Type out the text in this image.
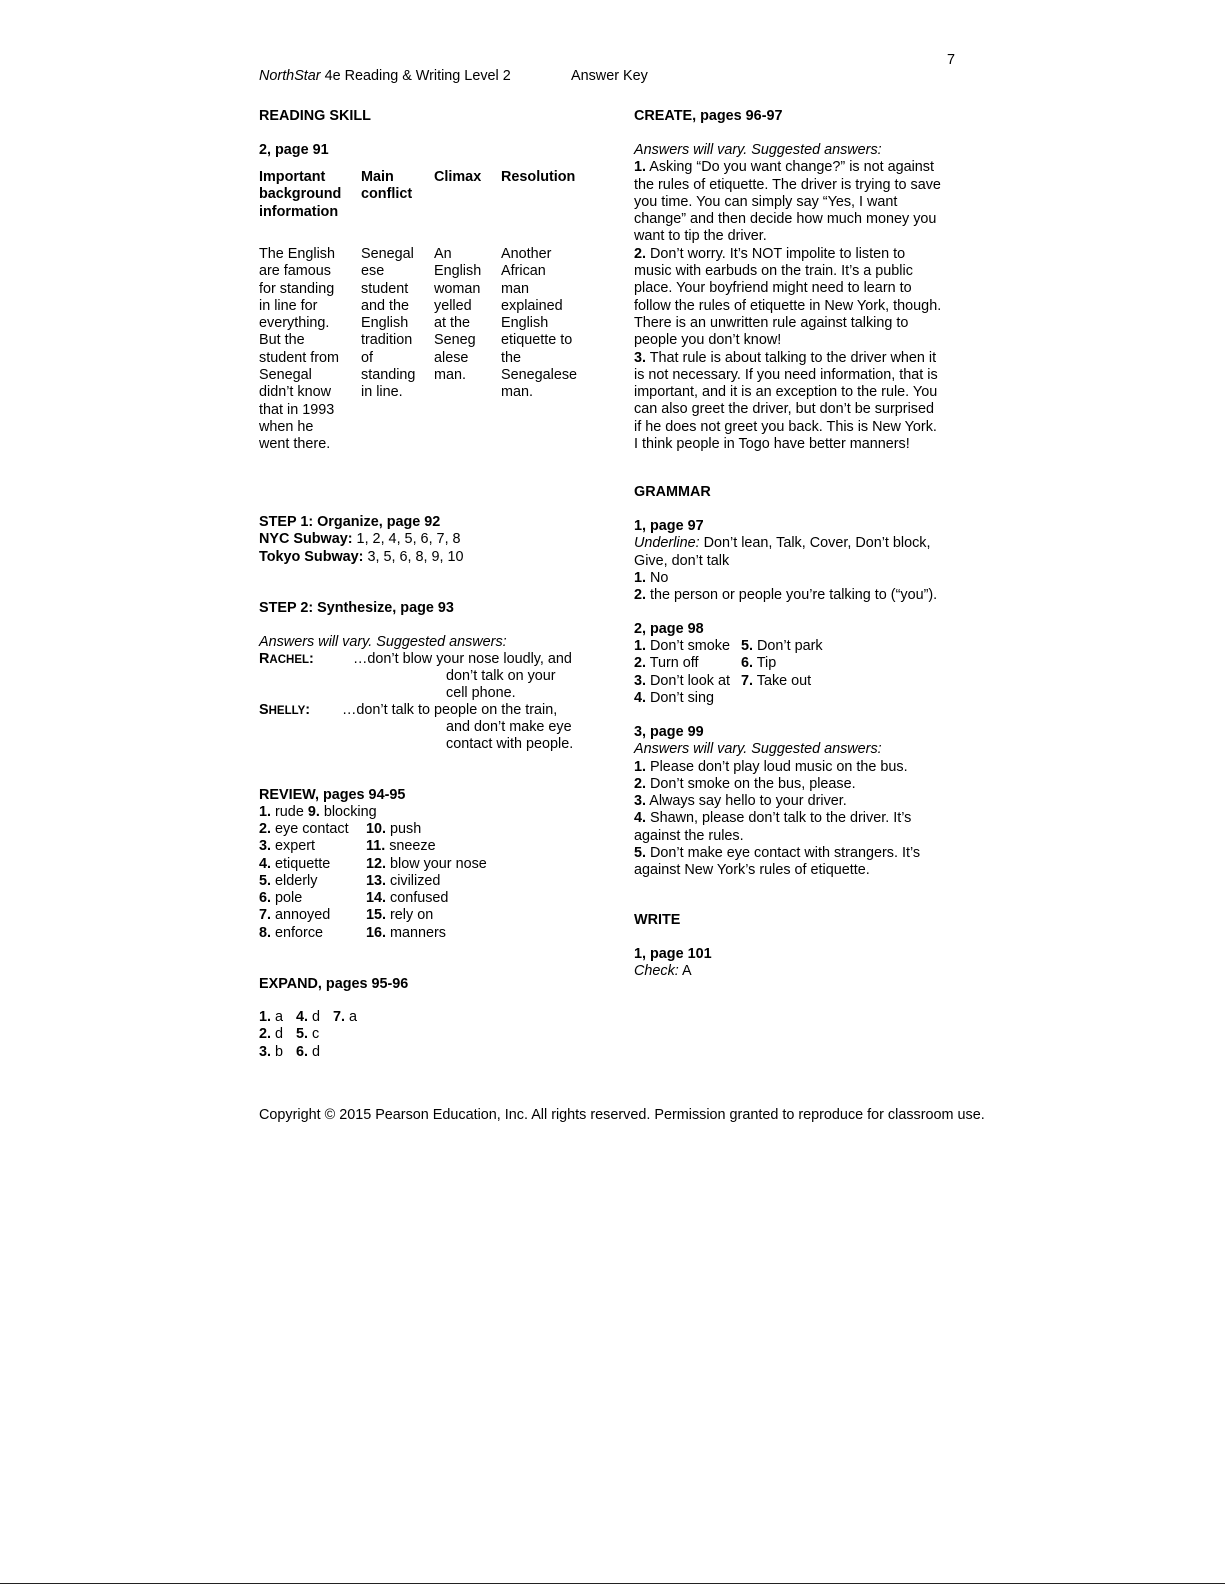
7
NorthStar 4e Reading & Writing Level 2	Answer Key
READING SKILL
2, page 91
Important
background
information
Main
conflict
Climax Resolution
The English
are famous
for standing
in line for
everything.
But the
student from
Senegal
didn’t know
that in 1993
when he
went there.
Senegal
ese
student
and the
English
tradition
of
standing
in line.
An
English
woman
yelled
at the
Seneg
alese
man.
Another
African
man
explained
English
etiquette to
the
Senegalese
man.
STEP 1: Organize, page 92
NYC Subway: 1, 2, 4, 5, 6, 7, 8
Tokyo Subway: 3, 5, 6, 8, 9, 10
STEP 2: Synthesize, page 93
Answers will vary. Suggested answers:
RACHEL:	…don’t blow your nose loudly, and
don’t talk on your
cell phone.
SHELLY: …don’t talk to people on the train,
and don’t make eye
contact with people.
REVIEW, pages 94-95
1. rude 9. blocking
2. eye contact
3. expert
4. etiquette
5. elderly
6. pole
7. annoyed
8. enforce
10. push
11. sneeze
12. blow your nose
13. civilized
14. confused
15. rely on
16. manners
EXPAND, pages 95-96
1. a 4. d 7. a
2. d 5. c
3. b 6. d
CREATE, pages 96-97
Answers will vary. Suggested answers:
1. Asking “Do you want change?” is not against
the rules of etiquette. The driver is trying to save
you time. You can simply say “Yes, I want
change” and then decide how much money you
want to tip the driver.
2. Don’t worry. It’s NOT impolite to listen to
music with earbuds on the train. It’s a public
place. Your boyfriend might need to learn to
follow the rules of etiquette in New York, though.
There is an unwritten rule against talking to
people you don’t know!
3. That rule is about talking to the driver when it
is not necessary. If you need information, that is
important, and it is an exception to the rule. You
can also greet the driver, but don’t be surprised
if he does not greet you back. This is New York.
I think people in Togo have better manners!
GRAMMAR
1, page 97
Underline: Don’t lean, Talk, Cover, Don’t block,
Give, don’t talk
1. No
2. the person or people you’re talking to (“you”).
2, page 98
1. Don’t smoke
2. Turn off
3. Don’t look at
4. Don’t sing
5. Don’t park
6. Tip
7. Take out
3, page 99
Answers will vary. Suggested answers:
1. Please don’t play loud music on the bus.
2. Don’t smoke on the bus, please.
3. Always say hello to your driver.
4. Shawn, please don’t talk to the driver. It’s
against the rules.
5. Don’t make eye contact with strangers. It’s
against New York’s rules of etiquette.
WRITE
1, page 101
Check: A
Copyright © 2015 Pearson Education, Inc. All rights reserved. Permission granted to reproduce for classroom use.
